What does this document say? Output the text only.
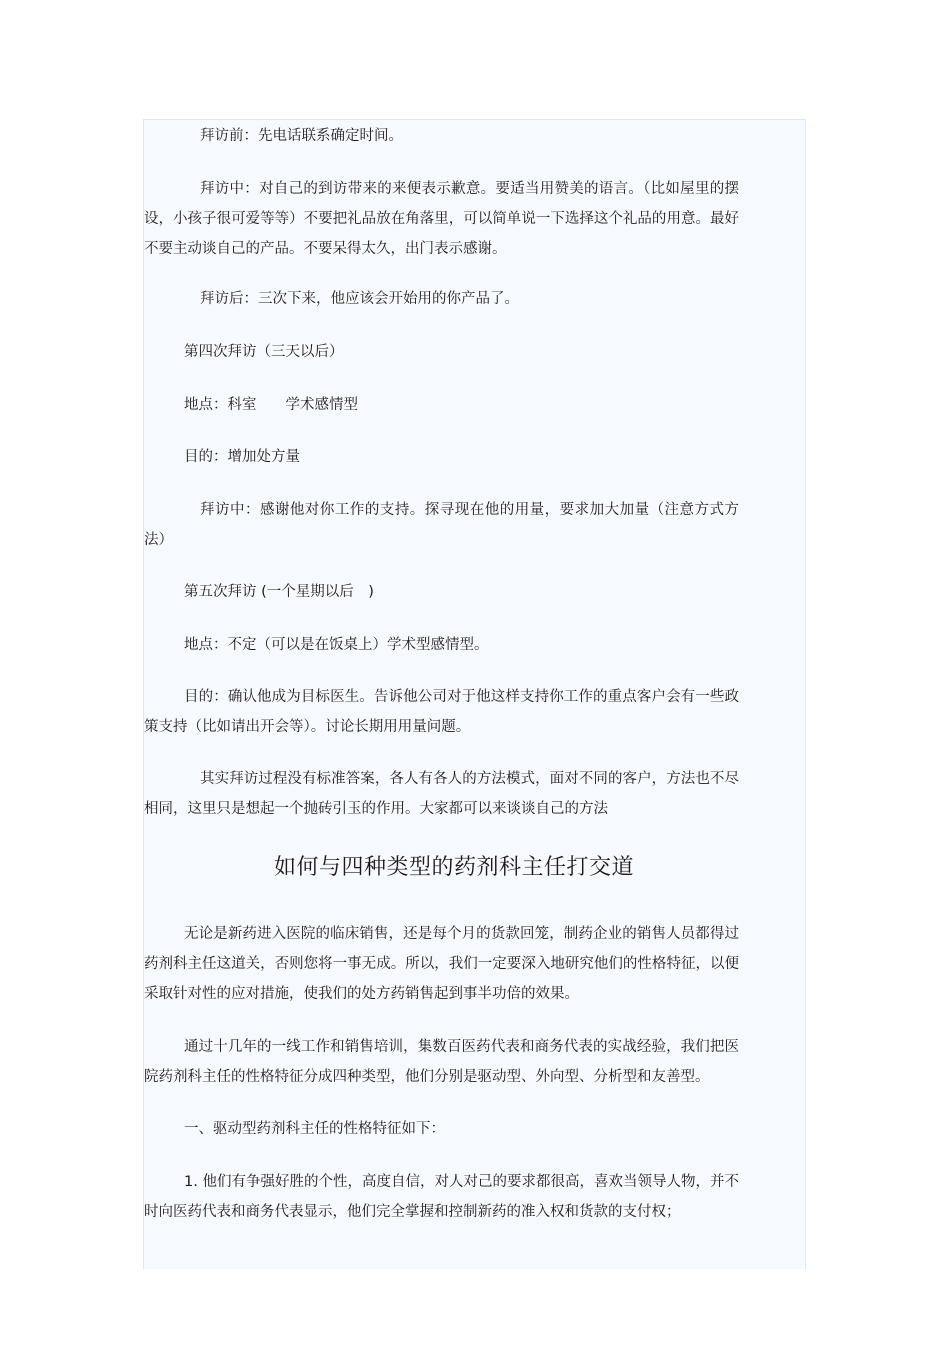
拜访前：先电话联系确定时间。

拜访中：对自己的到访带来的来便表示歉意。要适当用赞美的语言。（比如屋里的摆设，小孩子很可爱等等）不要把礼品放在角落里，可以简单说一下选择这个礼品的用意。最好不要主动谈自己的产品。不要呆得太久，出门表示感谢。

拜访后：三次下来，他应该会开始用的你产品了。

第四次拜访（三天以后）

地点：科室　　学术感情型

目的：增加处方量

拜访中：感谢他对你工作的支持。探寻现在他的用量，要求加大加量（注意方式方法）

第五次拜访 (一个星期以后　)

地点：不定（可以是在饭桌上）学术型感情型。

目的：确认他成为目标医生。告诉他公司对于他这样支持你工作的重点客户会有一些政策支持（比如请出开会等）。讨论长期用用量问题。

其实拜访过程没有标准答案，各人有各人的方法模式，面对不同的客户，方法也不尽相同，这里只是想起一个抛砖引玉的作用。大家都可以来谈谈自己的方法

如何与四种类型的药剂科主任打交道

无论是新药进入医院的临床销售，还是每个月的货款回笼，制药企业的销售人员都得过药剂科主任这道关，否则您将一事无成。所以，我们一定要深入地研究他们的性格特征，以便采取针对性的应对措施，使我们的处方药销售起到事半功倍的效果。

通过十几年的一线工作和销售培训，集数百医药代表和商务代表的实战经验，我们把医院药剂科主任的性格特征分成四种类型，他们分别是驱动型、外向型、分析型和友善型。

一、驱动型药剂科主任的性格特征如下：

1. 他们有争强好胜的个性，高度自信，对人对己的要求都很高，喜欢当领导人物，并不时向医药代表和商务代表显示，他们完全掌握和控制新药的准入权和货款的支付权；
